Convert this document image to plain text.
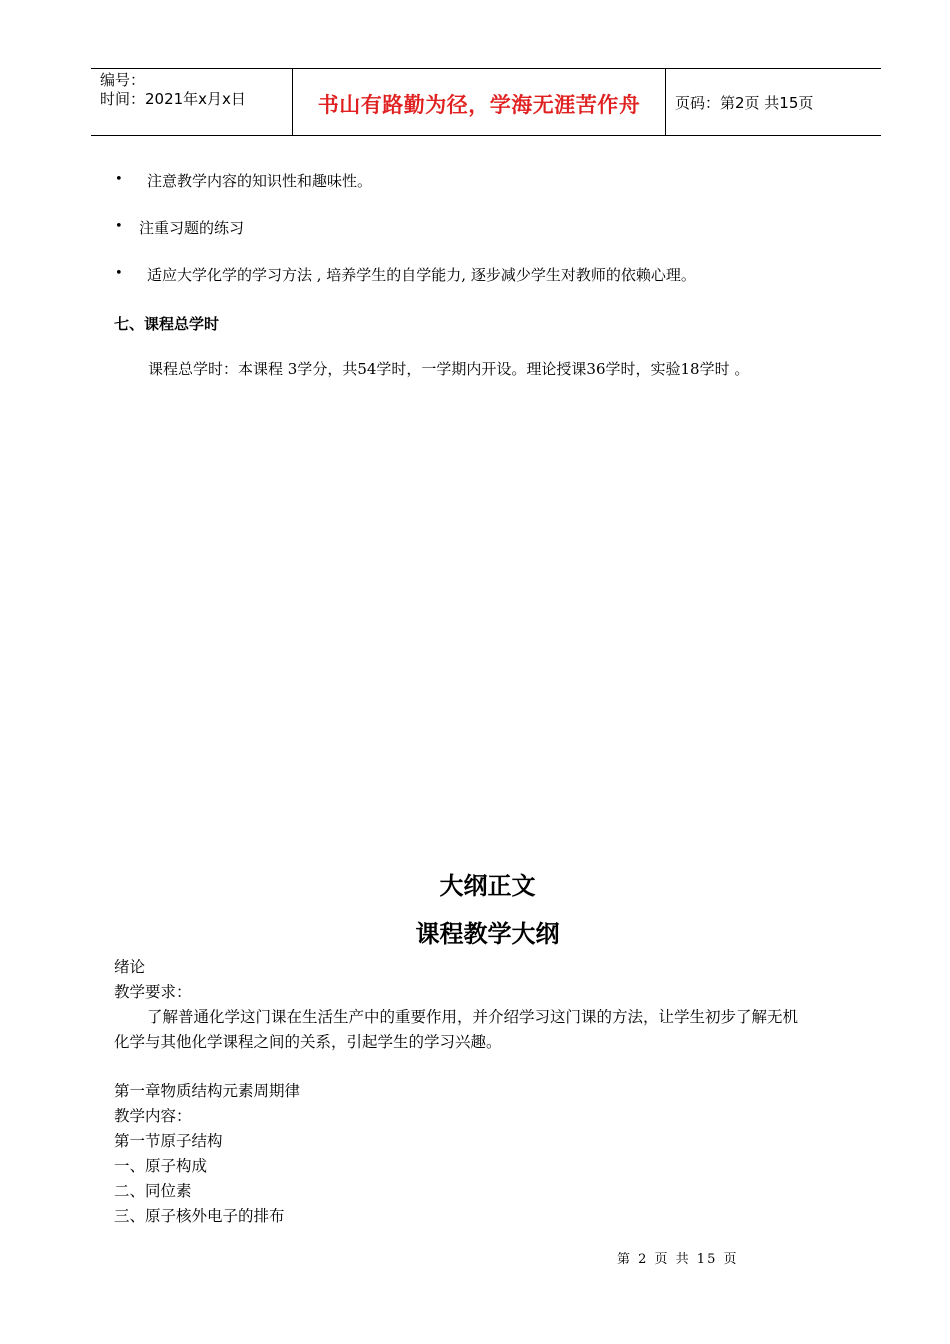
编号：
时间：2021年x月x日	书山有路勤为径，学海无涯苦作舟	页码：第2页 共15页
• 注意教学内容的知识性和趣味性。
• 注重习题的练习
• 适应大学化学的学习方法 , 培养学生的自学能力, 逐步减少学生对教师的依赖心理。
七、课程总学时
课程总学时：本课程 3学分，共54学时，一学期内开设。理论授课36学时，实验18学时 。
大纲正文
课程教学大纲
绪论
教学要求：
了解普通化学这门课在生活生产中的重要作用，并介绍学习这门课的方法，让学生初步了解无机
化学与其他化学课程之间的关系，引起学生的学习兴趣。
第一章物质结构元素周期律
教学内容：
第一节原子结构
一、原子构成
二、同位素
三、原子核外电子的排布
第 2 页 共 15 页
